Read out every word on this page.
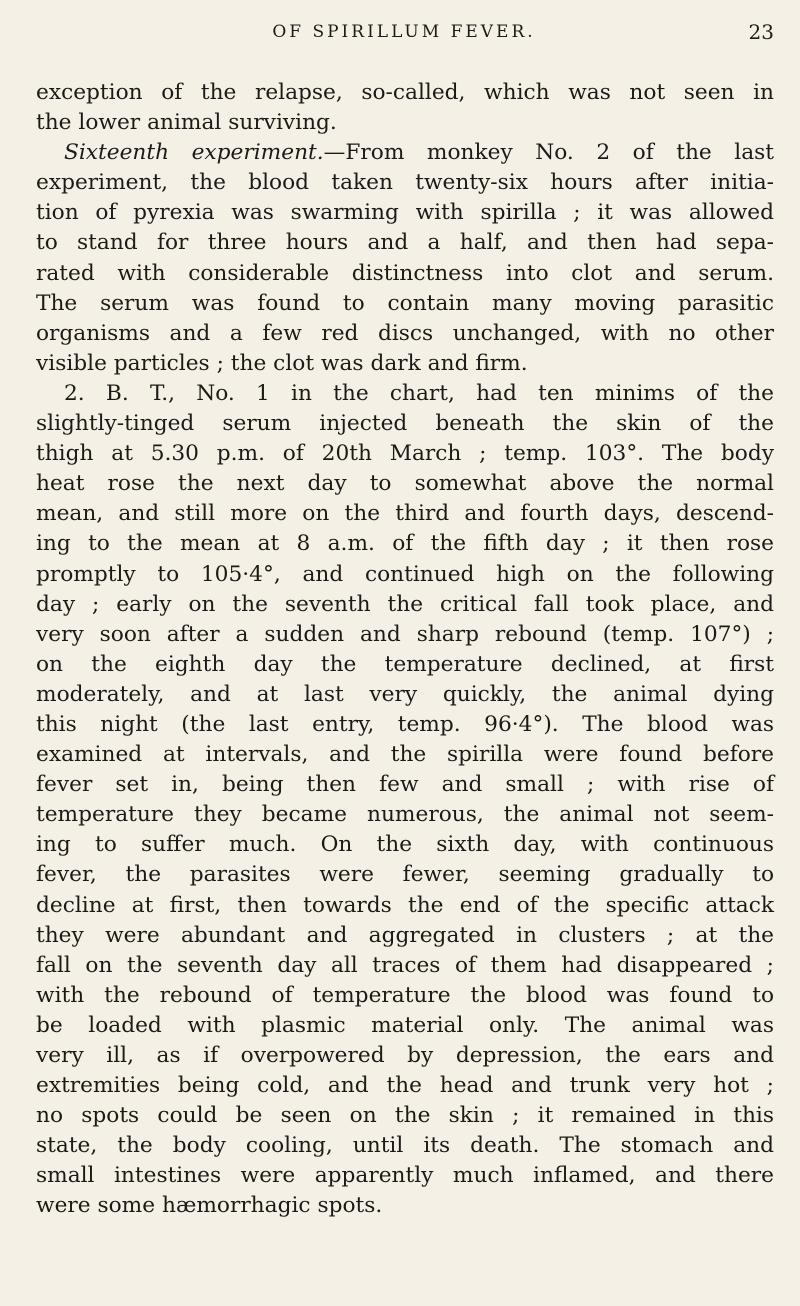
OF SPIRILLUM FEVER.	23
exception of the relapse, so-called, which was not seen in
the lower animal surviving.
Sixteenth experiment.—From monkey No. 2 of the last
experiment, the blood taken twenty-six hours after initia-
tion of pyrexia was swarming with spirilla ; it was allowed
to stand for three hours and a half, and then had sepa-
rated with considerable distinctness into clot and serum.
The serum was found to contain many moving parasitic
organisms and a few red discs unchanged, with no other
visible particles ; the clot was dark and firm.
2. B. T., No. 1 in the chart, had ten minims of the
slightly-tinged serum injected beneath the skin of the
thigh at 5.30 p.m. of 20th March ; temp. 103°. The body
heat rose the next day to somewhat above the normal
mean, and still more on the third and fourth days, descend-
ing to the mean at 8 a.m. of the fifth day ; it then rose
promptly to 105·4°, and continued high on the following
day ; early on the seventh the critical fall took place, and
very soon after a sudden and sharp rebound (temp. 107°) ;
on the eighth day the temperature declined, at first
moderately, and at last very quickly, the animal dying
this night (the last entry, temp. 96·4°). The blood was
examined at intervals, and the spirilla were found before
fever set in, being then few and small ; with rise of
temperature they became numerous, the animal not seem-
ing to suffer much. On the sixth day, with continuous
fever, the parasites were fewer, seeming gradually to
decline at first, then towards the end of the specific attack
they were abundant and aggregated in clusters ; at the
fall on the seventh day all traces of them had disappeared ;
with the rebound of temperature the blood was found to
be loaded with plasmic material only. The animal was
very ill, as if overpowered by depression, the ears and
extremities being cold, and the head and trunk very hot ;
no spots could be seen on the skin ; it remained in this
state, the body cooling, until its death. The stomach and
small intestines were apparently much inflamed, and there
were some hæmorrhagic spots.
